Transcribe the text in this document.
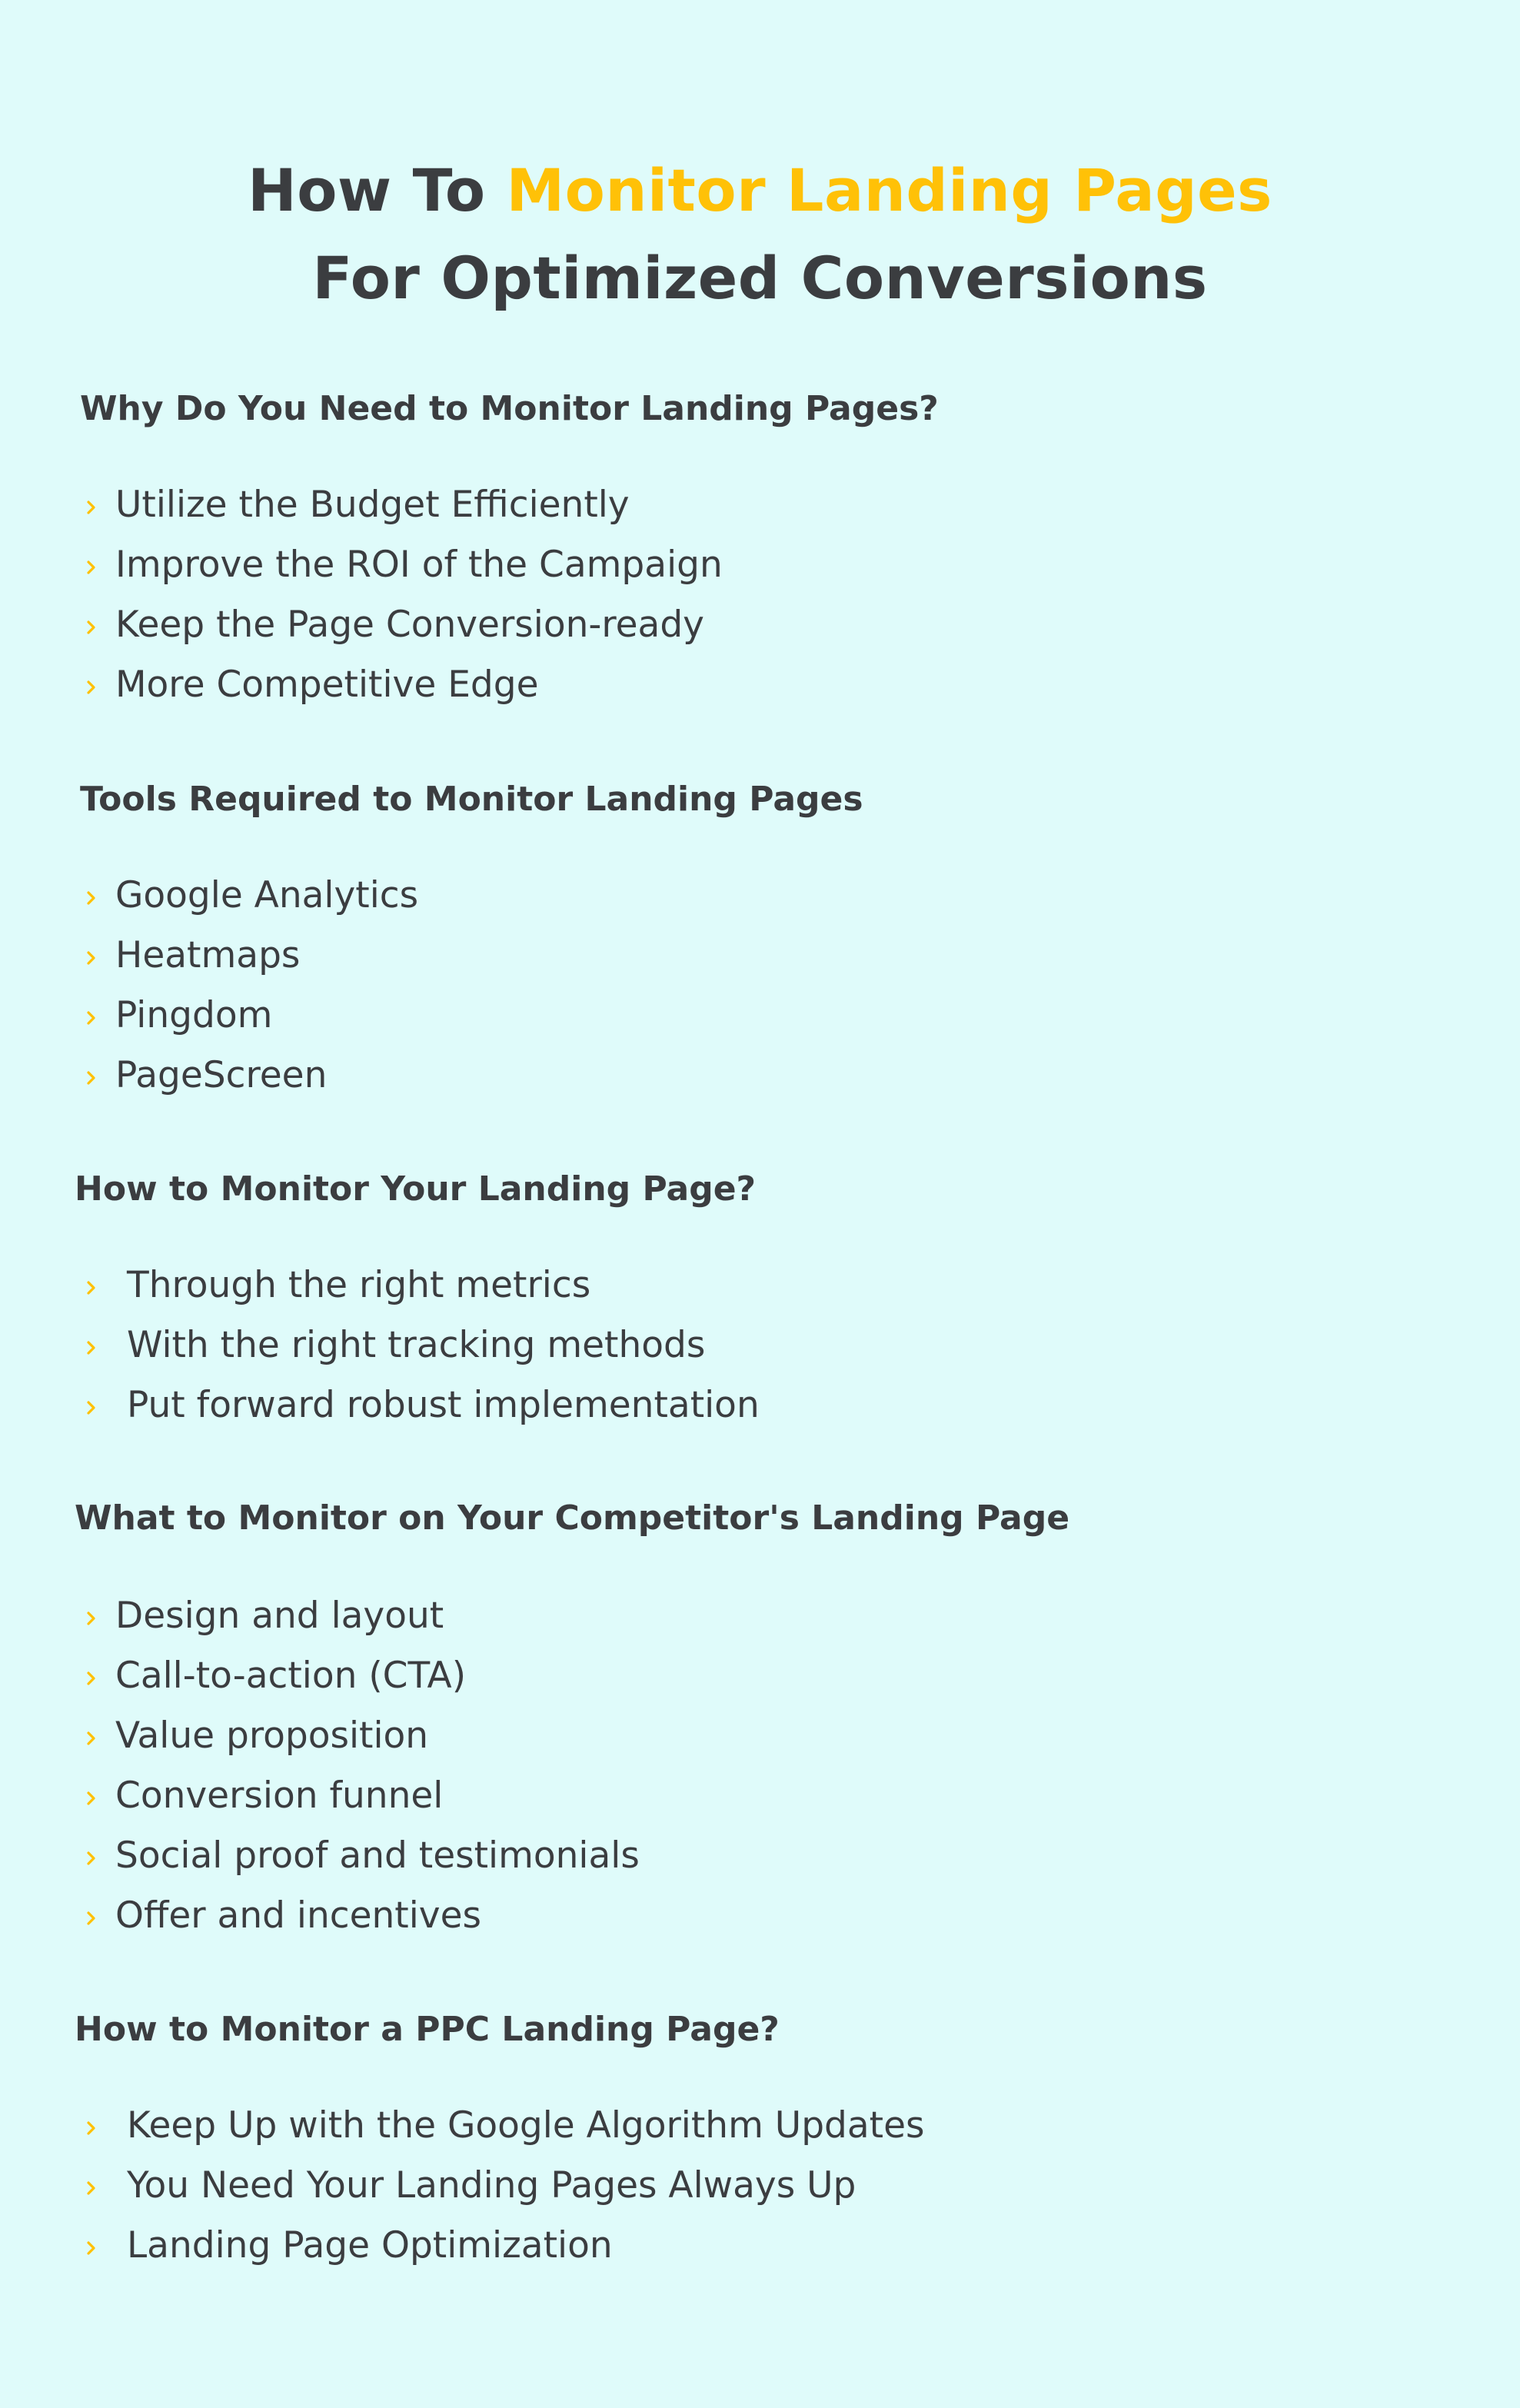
How To Monitor Landing Pages
For Optimized Conversions
Why Do You Need to Monitor Landing Pages?
Utilize the Budget Efficiently
Improve the ROI of the Campaign
Keep the Page Conversion-ready
More Competitive Edge
Tools Required to Monitor Landing Pages
Google Analytics
Heatmaps
Pingdom
PageScreen
How to Monitor Your Landing Page?
Through the right metrics
With the right tracking methods
Put forward robust implementation
What to Monitor on Your Competitor's Landing Page
Design and layout
Call-to-action (CTA)
Value proposition
Conversion funnel
Social proof and testimonials
Offer and incentives
How to Monitor a PPC Landing Page?
Keep Up with the Google Algorithm Updates
You Need Your Landing Pages Always Up
Landing Page Optimization
